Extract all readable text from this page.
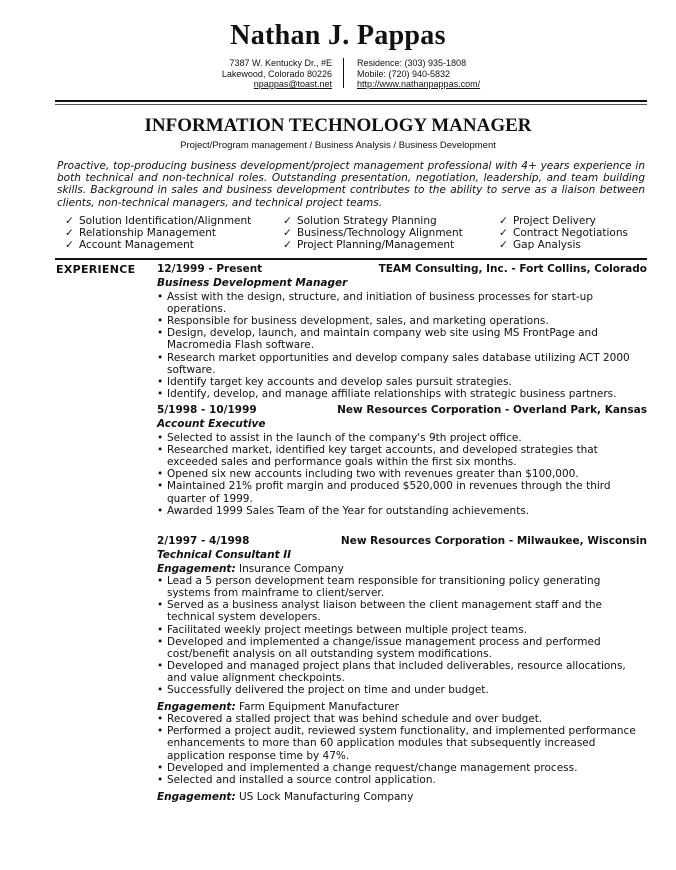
Nathan J. Pappas
7387 W. Kentucky Dr., #E
Lakewood, Colorado 80226
npappas@toast.net
Residence: (303) 935-1808
Mobile: (720) 940-5832
http://www.nathanpappas.com/
INFORMATION TECHNOLOGY MANAGER
Project/Program management / Business Analysis / Business Development
Proactive, top-producing business development/project management professional with 4+ years experience in both technical and non-technical roles. Outstanding presentation, negotiation, leadership, and team building skills. Background in sales and business development contributes to the ability to serve as a liaison between clients, non-technical managers, and technical project teams.
✓ Solution Identification/Alignment
✓ Relationship Management
✓ Account Management
✓ Solution Strategy Planning
✓ Business/Technology Alignment
✓ Project Planning/Management
✓ Project Delivery
✓ Contract Negotiations
✓ Gap Analysis
EXPERIENCE 12/1999 - Present	TEAM Consulting, Inc. - Fort Collins, Colorado
Business Development Manager
• Assist with the design, structure, and initiation of business processes for start-up operations.
• Responsible for business development, sales, and marketing operations.
• Design, develop, launch, and maintain company web site using MS FrontPage and Macromedia Flash software.
• Research market opportunities and develop company sales database utilizing ACT 2000 software.
• Identify target key accounts and develop sales pursuit strategies.
• Identify, develop, and manage affiliate relationships with strategic business partners.
5/1998 - 10/1999	New Resources Corporation - Overland Park, Kansas
Account Executive
• Selected to assist in the launch of the company's 9th project office.
• Researched market, identified key target accounts, and developed strategies that exceeded sales and performance goals within the first six months.
• Opened six new accounts including two with revenues greater than $100,000.
• Maintained 21% profit margin and produced $520,000 in revenues through the third quarter of 1999.
• Awarded 1999 Sales Team of the Year for outstanding achievements.
2/1997 - 4/1998	New Resources Corporation - Milwaukee, Wisconsin
Technical Consultant II
Engagement: Insurance Company
• Lead a 5 person development team responsible for transitioning policy generating systems from mainframe to client/server.
• Served as a business analyst liaison between the client management staff and the technical system developers.
• Facilitated weekly project meetings between multiple project teams.
• Developed and implemented a change/issue management process and performed cost/benefit analysis on all outstanding system modifications.
• Developed and managed project plans that included deliverables, resource allocations, and value alignment checkpoints.
• Successfully delivered the project on time and under budget.
Engagement: Farm Equipment Manufacturer
• Recovered a stalled project that was behind schedule and over budget.
• Performed a project audit, reviewed system functionality, and implemented performance enhancements to more than 60 application modules that subsequently increased application response time by 47%.
• Developed and implemented a change request/change management process.
• Selected and installed a source control application.
Engagement: US Lock Manufacturing Company
